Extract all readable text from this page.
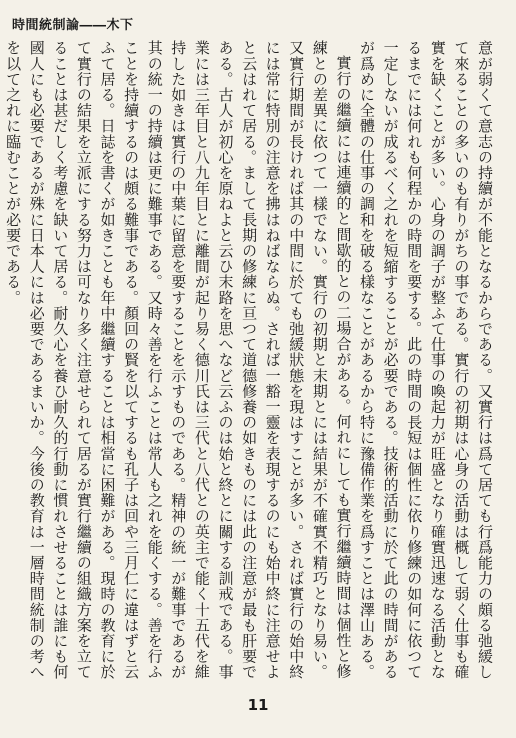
時間統制論――木下

意が弱くて意志の持續が不能となるからである。又實行は爲て居ても行爲能力の頗る弛緩して來ることの多いのも有りがちの事である。實行の初期は心身の活動は概して弱く仕事も確實を缺くことが多い。心身の調子が整ふて仕事の喚起力が旺盛となり確實迅速なる活動となるまでには何れも何程かの時間を要する。此の時間の長短は個性に依り修練の如何に依つて一定しないが成るべく之れを短縮することが必要である。技術的活動に於て此の時間があるが爲めに全體の仕事の調和を破る樣なことがあるから特に豫備作業を爲すことは澤山ある。

實行の繼續には連續的と間歇的との二場合がある。何れにしても實行繼續時間は個性と修練との差異に依つて一樣でない。實行の初期と末期とには結果が不確實不精巧となり易い。又實行期間が長ければ其の中間に於ても弛緩狀態を現はすことが多い。されば實行の始中終には常に特別の注意を拂はねばならぬ。されば一豁一靈を表現するのにも始中終に注意せよと云はれて居る。まして長期の修練に亘つて道德修養の如きものには此の注意が最も肝要である。古人が初心を原ねよと云ひ末路を思へなど云ふのは始と終とに關する訓戒である。事業には三年目と八九年目とに離間が起り易く德川氏は三代と八代との英主で能く十五代を維持した如きは實行の中葉に留意を要することを示すものである。精神の統一が難事であるが其の統一の持續は更に難事である。又時々善を行ふことは常人も之れを能くする。善を行ふことを持續するのは頗る難事である。顏回の賢を以てするも孔子は回や三月仁に違はずと云ふて居る。日誌を書くが如きことも年中繼續することは相當に困難がある。現時の教育に於て實行の結果を立派にする努力は可なり多く注意せられて居るが實行繼續の組織方案を立てることは甚だしく考慮を缺いて居る。耐久心を養ひ耐久的行動に慣れさせることは誰にも何國人にも必要であるが殊に日本人には必要であるまいか。今後の教育は一層時間統制の考へを以て之れに臨むことが必要である。

11
